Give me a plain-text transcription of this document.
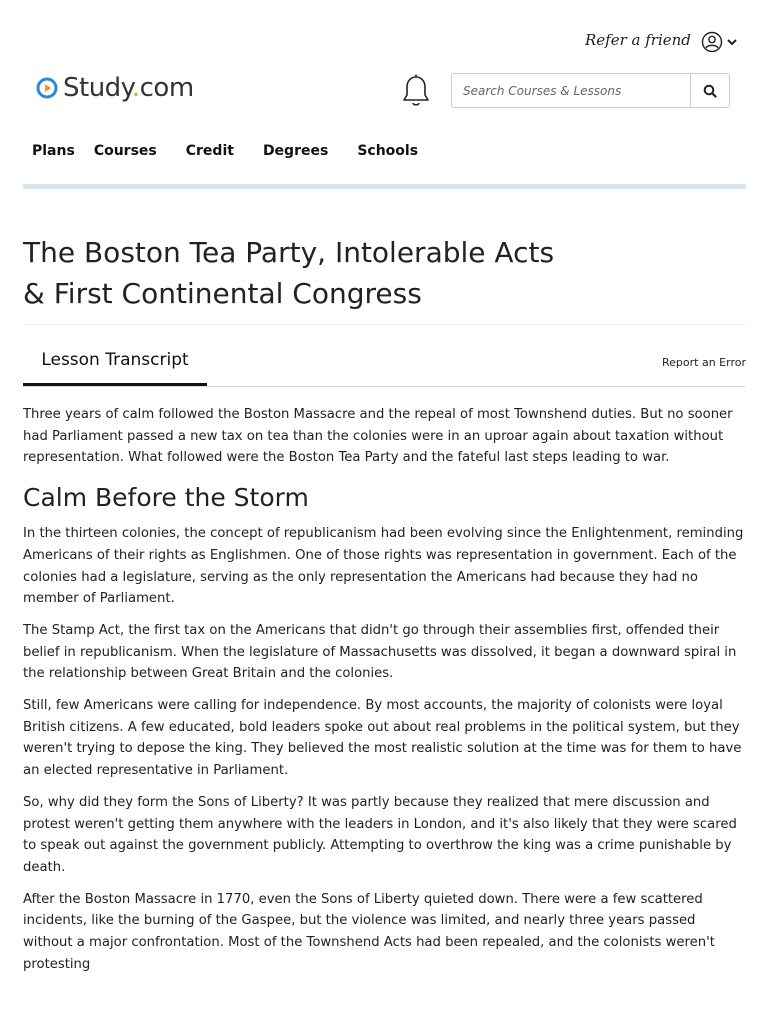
Refer a friend
Study.com
Search Courses & Lessons
Plans Courses Credit Degrees Schools
The Boston Tea Party, Intolerable Acts & First Continental Congress
Lesson Transcript	Report an Error

Three years of calm followed the Boston Massacre and the repeal of most Townshend duties. But no sooner had Parliament passed a new tax on tea than the colonies were in an uproar again about taxation without representation. What followed were the Boston Tea Party and the fateful last steps leading to war.

Calm Before the Storm

In the thirteen colonies, the concept of republicanism had been evolving since the Enlightenment, reminding Americans of their rights as Englishmen. One of those rights was representation in government. Each of the colonies had a legislature, serving as the only representation the Americans had because they had no member of Parliament.

The Stamp Act, the first tax on the Americans that didn't go through their assemblies first, offended their belief in republicanism. When the legislature of Massachusetts was dissolved, it began a downward spiral in the relationship between Great Britain and the colonies.

Still, few Americans were calling for independence. By most accounts, the majority of colonists were loyal British citizens. A few educated, bold leaders spoke out about real problems in the political system, but they weren't trying to depose the king. They believed the most realistic solution at the time was for them to have an elected representative in Parliament.

So, why did they form the Sons of Liberty? It was partly because they realized that mere discussion and protest weren't getting them anywhere with the leaders in London, and it's also likely that they were scared to speak out against the government publicly. Attempting to overthrow the king was a crime punishable by death.

After the Boston Massacre in 1770, even the Sons of Liberty quieted down. There were a few scattered incidents, like the burning of the Gaspee, but the violence was limited, and nearly three years passed without a major confrontation. Most of the Townshend Acts had been repealed, and the colonists weren't protesting
